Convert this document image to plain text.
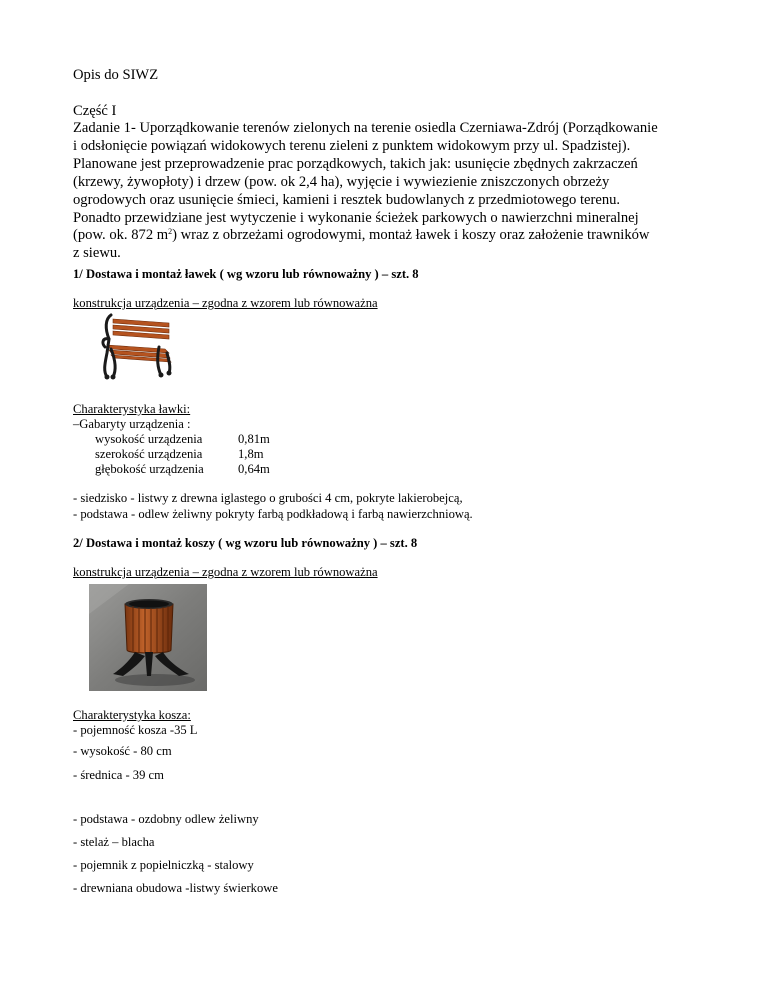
Opis do SIWZ
Część I
Zadanie 1- Uporządkowanie terenów zielonych na terenie osiedla Czerniawa-Zdrój (Porządkowanie
i odsłonięcie powiązań widokowych terenu zieleni z punktem widokowym przy ul. Spadzistej).
Planowane jest przeprowadzenie prac porządkowych, takich jak: usunięcie zbędnych zakrzaczeń
(krzewy, żywopłoty) i drzew (pow. ok 2,4 ha), wyjęcie i wywiezienie zniszczonych obrzeży
ogrodowych oraz usunięcie śmieci, kamieni i resztek budowlanych z przedmiotowego terenu.
Ponadto przewidziane jest wytyczenie i wykonanie ścieżek parkowych o nawierzchni mineralnej
(pow. ok. 872 $m^2$) wraz z obrzeżami ogrodowymi, montaż ławek i koszy oraz założenie trawników
z siewu.
1/ Dostawa i montaż ławek ( wg wzoru lub równoważny ) – szt. 8
konstrukcja urządzenia – zgodna z wzorem lub równoważna
Charakterystyka ławki:
–Gabaryty urządzenia :
wysokość urządzenia	0,81m
szerokość urządzenia	1,8m
głębokość urządzenia	0,64m
- siedzisko - listwy z drewna iglastego o grubości 4 cm, pokryte lakierobejcą,
- podstawa - odlew żeliwny pokryty farbą podkładową i farbą nawierzchniową.
2/ Dostawa i montaż koszy ( wg wzoru lub równoważny ) – szt. 8
konstrukcja urządzenia – zgodna z wzorem lub równoważna
Charakterystyka kosza:
- pojemność kosza -35 L
- wysokość - 80 cm
- średnica - 39 cm
- podstawa - ozdobny odlew żeliwny
- stelaż – blacha
- pojemnik z popielniczką - stalowy
- drewniana obudowa -listwy świerkowe
